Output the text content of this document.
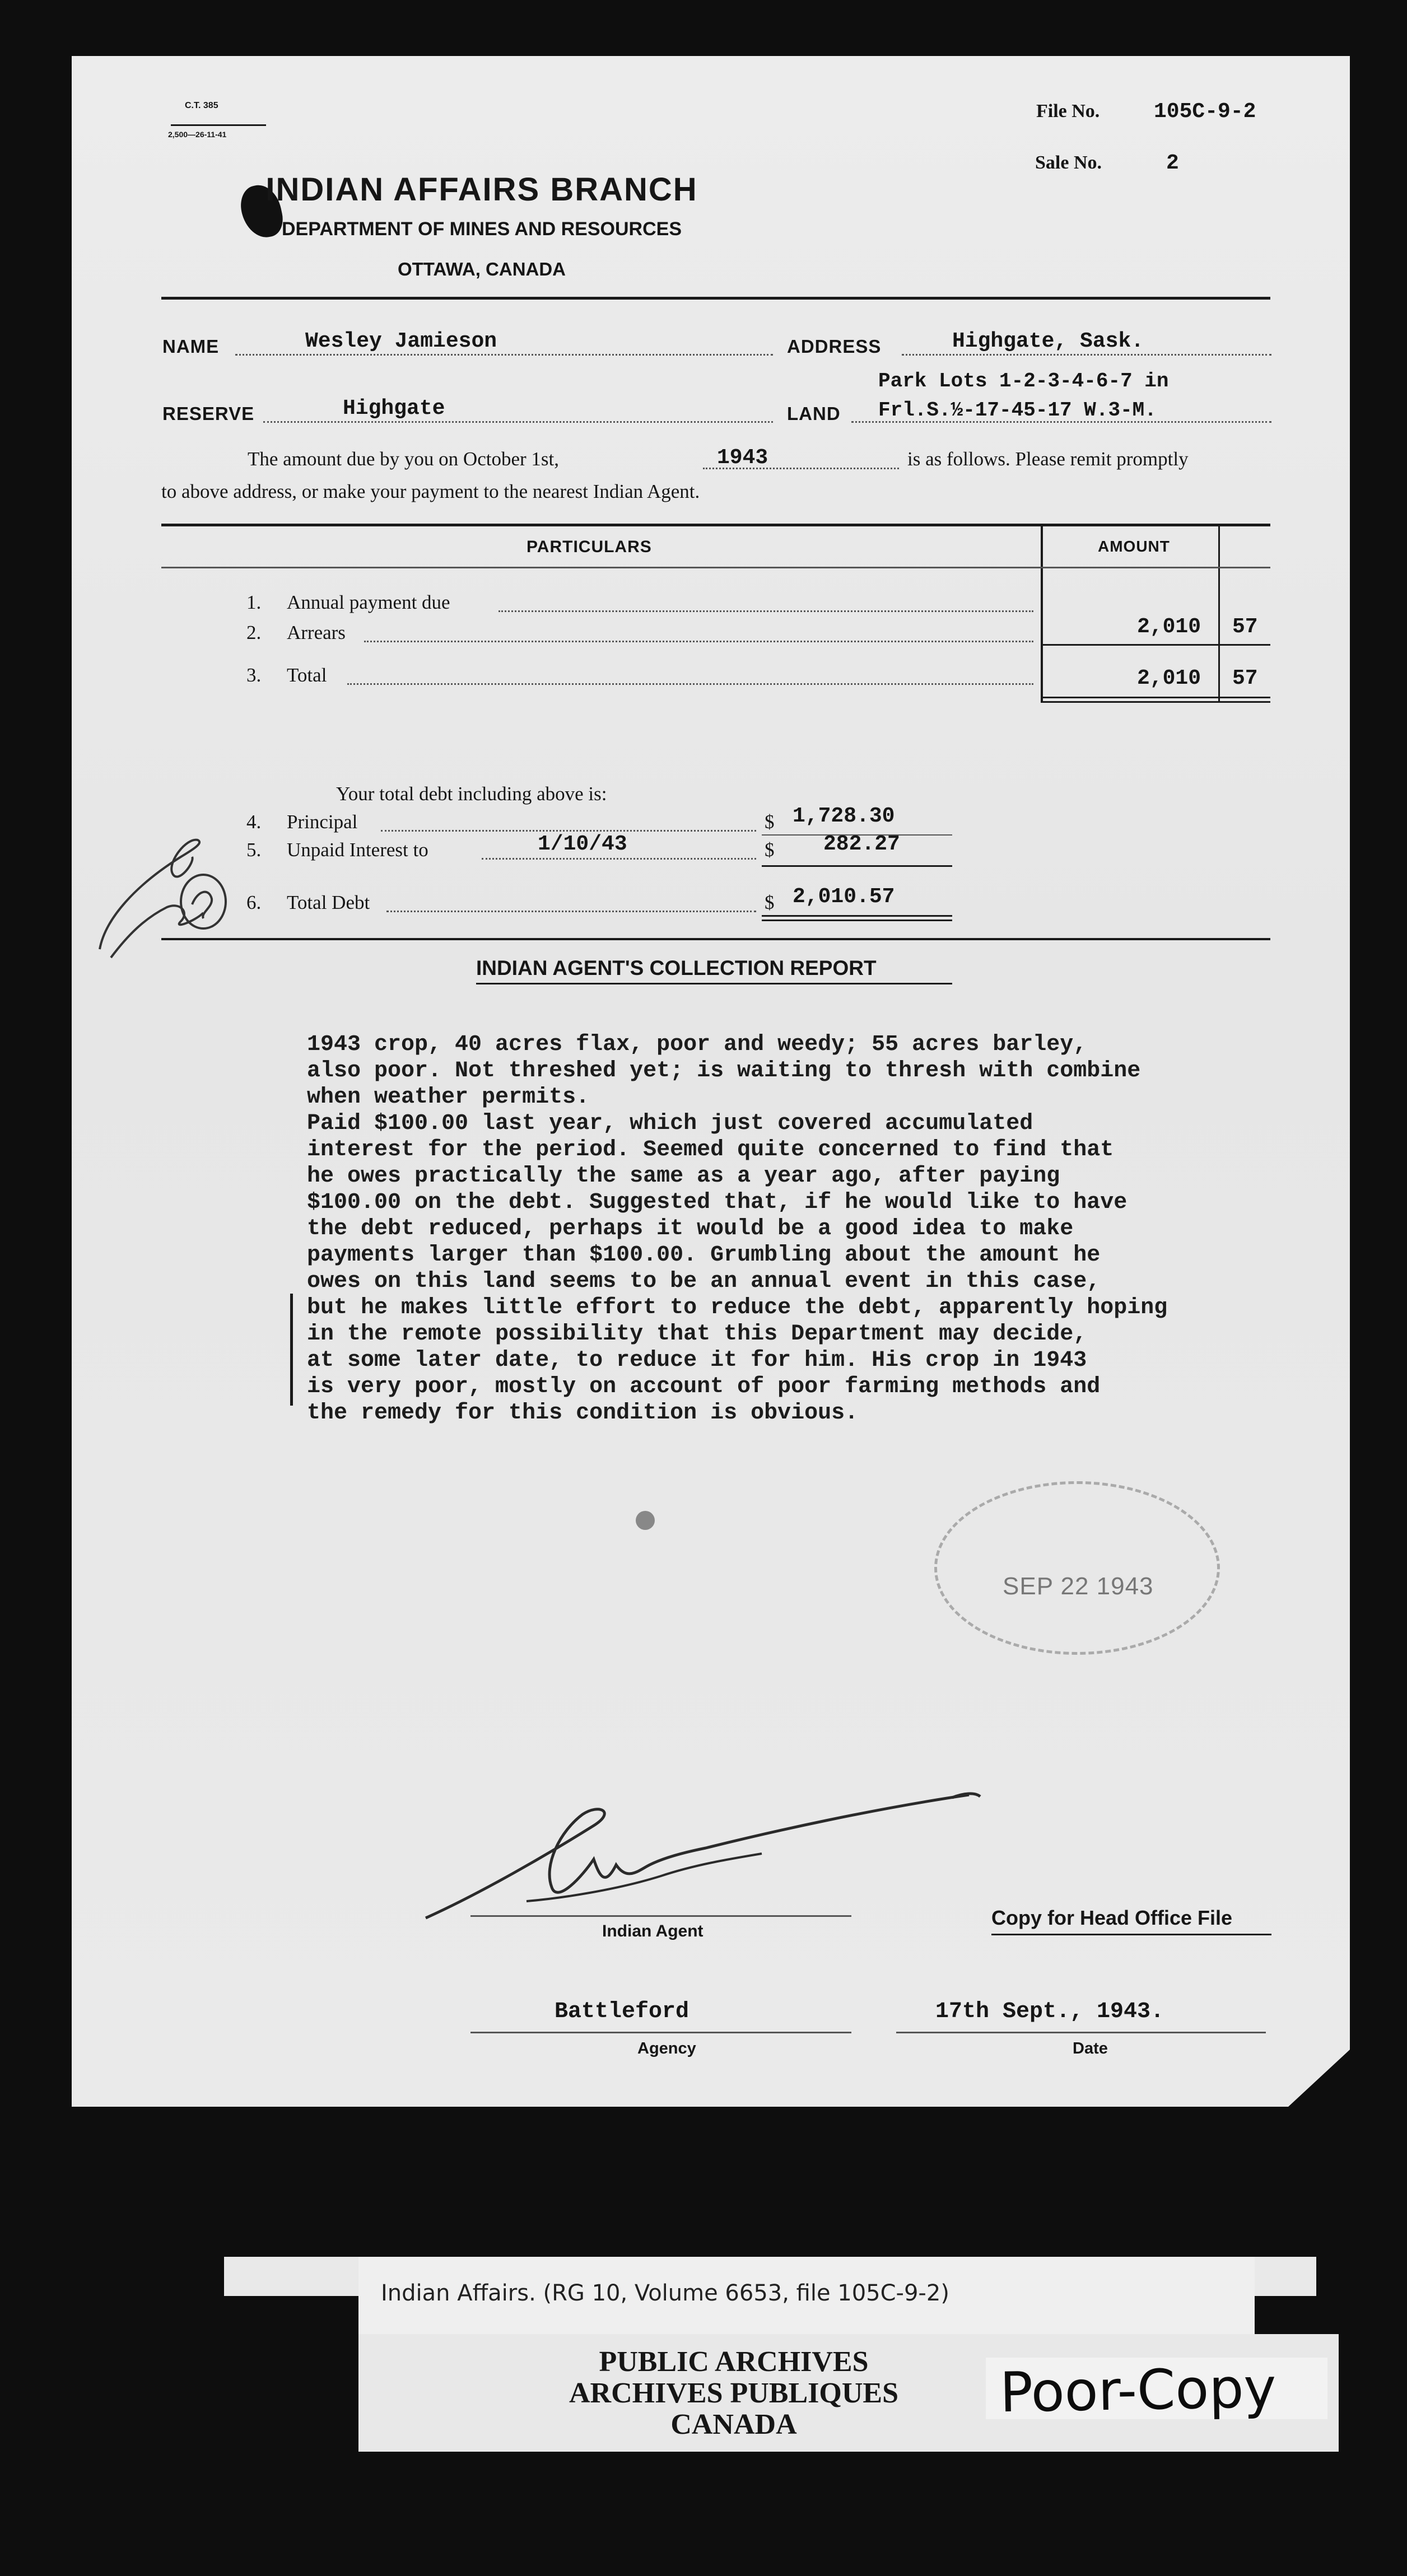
C.T. 385
2,500—26-11-41
File No.	105C-9-2
Sale No.	2
INDIAN AFFAIRS BRANCH
DEPARTMENT OF MINES AND RESOURCES
OTTAWA, CANADA
NAME	Wesley Jamieson	ADDRESS	Highgate, Sask.
RESERVE	Highgate	LAND
Park Lots 1-2-3-4-6-7 in
Frl.S.½-17-45-17 W.3-M.
The amount due by you on October 1st,	1943	is as follows. Please remit promptly
to above address, or make your payment to the nearest Indian Agent.
PARTICULARS	AMOUNT
1. Annual payment due
2. Arrears	2,010 57
3. Total	2,010 57
Your total debt including above is:
4. Principal	$ 1,728.30
5. Unpaid Interest to	1/10/43	$ 282.27
6. Total Debt	$ 2,010.57
INDIAN AGENT'S COLLECTION REPORT
1943 crop, 40 acres flax, poor and weedy; 55 acres barley,
also poor. Not threshed yet; is waiting to thresh with combine
when weather permits.
Paid $100.00 last year, which just covered accumulated
interest for the period. Seemed quite concerned to find that
he owes practically the same as a year ago, after paying
$100.00 on the debt. Suggested that, if he would like to have
the debt reduced, perhaps it would be a good idea to make
payments larger than $100.00. Grumbling about the amount he
owes on this land seems to be an annual event in this case,
but he makes little effort to reduce the debt, apparently hoping
in the remote possibility that this Department may decide,
at some later date, to reduce it for him. His crop in 1943
is very poor, mostly on account of poor farming methods and
the remedy for this condition is obvious.
SEP 22 1943
Indian Agent
Copy for Head Office File
Battleford
Agency
17th Sept., 1943.
Date
Indian Affairs. (RG 10, Volume 6653, file 105C-9-2)
PUBLIC ARCHIVES
ARCHIVES PUBLIQUES
CANADA	Poor-Copy
